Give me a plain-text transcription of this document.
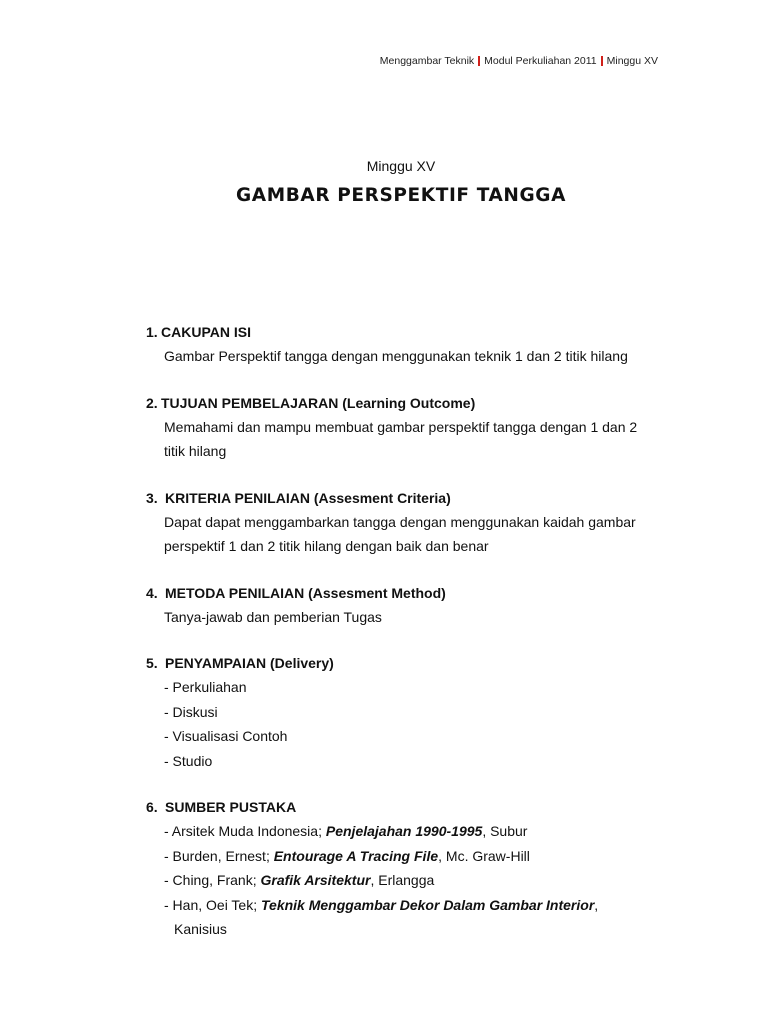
Menggambar Teknik Modul Perkuliahan 2011 Minggu XV
Minggu XV
GAMBAR PERSPEKTIF TANGGA
1. CAKUPAN ISI
Gambar Perspektif tangga dengan menggunakan teknik 1 dan 2 titik hilang
2. TUJUAN PEMBELAJARAN (Learning Outcome)
Memahami dan mampu membuat gambar perspektif tangga dengan 1 dan 2
titik hilang
3. KRITERIA PENILAIAN (Assesment Criteria)
Dapat dapat menggambarkan tangga dengan menggunakan kaidah gambar
perspektif 1 dan 2 titik hilang dengan baik dan benar
4. METODA PENILAIAN (Assesment Method)
Tanya-jawab dan pemberian Tugas
5. PENYAMPAIAN (Delivery)
- Perkuliahan
- Diskusi
- Visualisasi Contoh
- Studio
6. SUMBER PUSTAKA
- Arsitek Muda Indonesia; Penjelajahan 1990-1995, Subur
- Burden, Ernest; Entourage A Tracing File, Mc. Graw-Hill
- Ching, Frank; Grafik Arsitektur, Erlangga
- Han, Oei Tek; Teknik Menggambar Dekor Dalam Gambar Interior,
Kanisius
